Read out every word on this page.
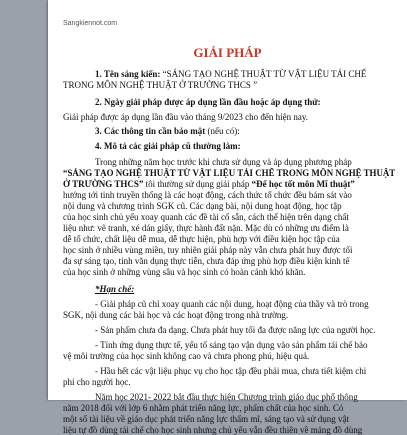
Sangkiennot.com
GIẢI PHÁP
1. Tên sáng kiến: “SÁNG TẠO NGHỆ THUẬT TỪ VẬT LIỆU TÁI CHẾ
TRONG MÔN NGHỆ THUẬT Ở TRƯỜNG THCS ”
2. Ngày giải pháp được áp dụng lần đầu hoặc áp dụng thử:
Giải pháp được áp dụng lần đầu vào tháng 9/2023 cho đến hiện nay.
3. Các thông tin cần bảo mật (nếu có):
4. Mô tả các giải pháp cũ thường làm:
Trong những năm học trước khi chưa sử dụng và áp dụng phương pháp
“SÁNG TẠO NGHỆ THUẬT TỪ VẬT LIỆU TÁI CHẾ TRONG MÔN NGHỆ THUẬT
Ở TRƯỜNG THCS” tôi thường sử dụng giải pháp “Để học tốt môn Mĩ thuật”
hướng tới tinh truyền thống là các hoạt động, cách thức tổ chức đều bám sát vào
nội dung và chương trình SGK cũ. Các dạng bài, nội dung hoạt động, học tập
của học sinh chủ yếu xoay quanh các đề tài cố sẵn, cách thể hiện trên dạng chất
liệu như: vẽ tranh, xé dán giấy, thực hành đất nặn. Mặc dù có những ưu điểm là
dễ tổ chức, chất liệu dễ mua, dễ thực hiện, phù hợp với điều kiện học tập của
học sinh ở nhiều vùng miền, tuy nhiên giải pháp này vẫn chưa phát huy được tối
đa sự sáng tạo, tinh văn dụng thực tiễn, chưa đáp ứng phù hợp điều kiện kinh tế
của học sinh ở những vùng sâu và học sinh có hoàn cảnh khó khăn.
*Hạn chế:
- Giải pháp cũ chỉ xoay quanh các nội dung, hoạt động của thầy và trò trong
SGK, nội dung các bài học và các hoạt động trong nhà trường.
- Sản phẩm chưa đa dạng. Chưa phát huy tối đa được năng lực của người học.
- Tính ứng dụng thực tế, yếu tố sáng tạo vận dụng vào sản phẩm tái chế bảo
vệ môi trường của học sinh không cao và chưa phong phú, hiệu quả.
- Hầu hết các vật liệu phục vụ cho học tập đều phải mua, chưa tiết kiệm chi
phí cho người học.
Năm học 2021- 2022 bắt đầu thực hiện Chương trình giáo dục phổ thông
năm 2018 đối với lớp 6 nhằm phát triển năng lực, phẩm chất của học sinh. Có
một số tài liệu về giáo dục phát triển năng lực thẩm mĩ, sáng tạo và sử dụng vật
liệu tự đồ dùng tái chế cho học sinh nhưng chủ yếu vẫn đều thiên về mảng đồ dùng
